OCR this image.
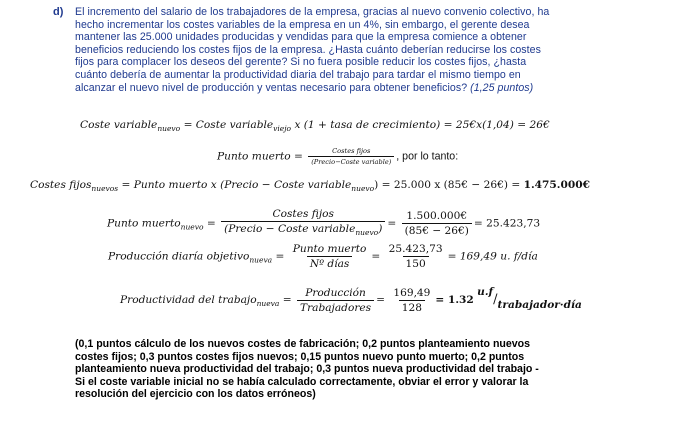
d) El incremento del salario de los trabajadores de la empresa, gracias al nuevo convenio colectivo, ha
hecho incrementar los costes variables de la empresa en un 4%, sin embargo, el gerente desea
mantener las 25.000 unidades producidas y vendidas para que la empresa comience a obtener
beneficios reduciendo los costes fijos de la empresa. ¿Hasta cuánto deberían reducirse los costes
fijos para complacer los deseos del gerente? Si no fuera posible reducir los costes fijos, ¿hasta
cuánto debería de aumentar la productividad diaria del trabajo para tardar el mismo tiempo en
alcanzar el nuevo nivel de producción y ventas necesario para obtener beneficios? (1,25 puntos)
Coste variable$_{nuevo}$ = Coste variable$_{viejo}$ x (1 + tasa de crecimiento) = 25€x(1,04) = 26€
Punto muerto = $\frac{\text{Costes fijos}}{\text{(Precio−Coste variable)}}$ , por lo tanto:
Costes fijos$_{nuevos}$ = Punto muerto x (Precio − Coste variable$_{nuevo}$) = 25.000 x (85€ − 26€) = 1.475.000€
Punto muerto$_{nuevo}$ = $\frac{\text{Costes fijos}}{(Precio - Coste variable_{nuevo})} = \frac{1.500.000€}{(85€ - 26€)} = 25.423,73$
Producción diaría objetivo$_{nueva}$ = $\frac{\text{Punto muerto}}{\text{Nº días}} = \frac{25.423,73}{150} = 169,49$ u. f/día
Productividad del trabajo$_{nueva}$ = $\frac{\text{Producción}}{\text{Trabajadores}} = \frac{169,49}{128} = 1.32$ u.f/trabajador·día
(0,1 puntos cálculo de los nuevos costes de fabricación; 0,2 puntos planteamiento nuevos
costes fijos; 0,3 puntos costes fijos nuevos; 0,15 puntos nuevo punto muerto; 0,2 puntos
planteamiento nueva productividad del trabajo; 0,3 puntos nueva productividad del trabajo -
Si el coste variable inicial no se había calculado correctamente, obviar el error y valorar la
resolución del ejercicio con los datos erróneos)
